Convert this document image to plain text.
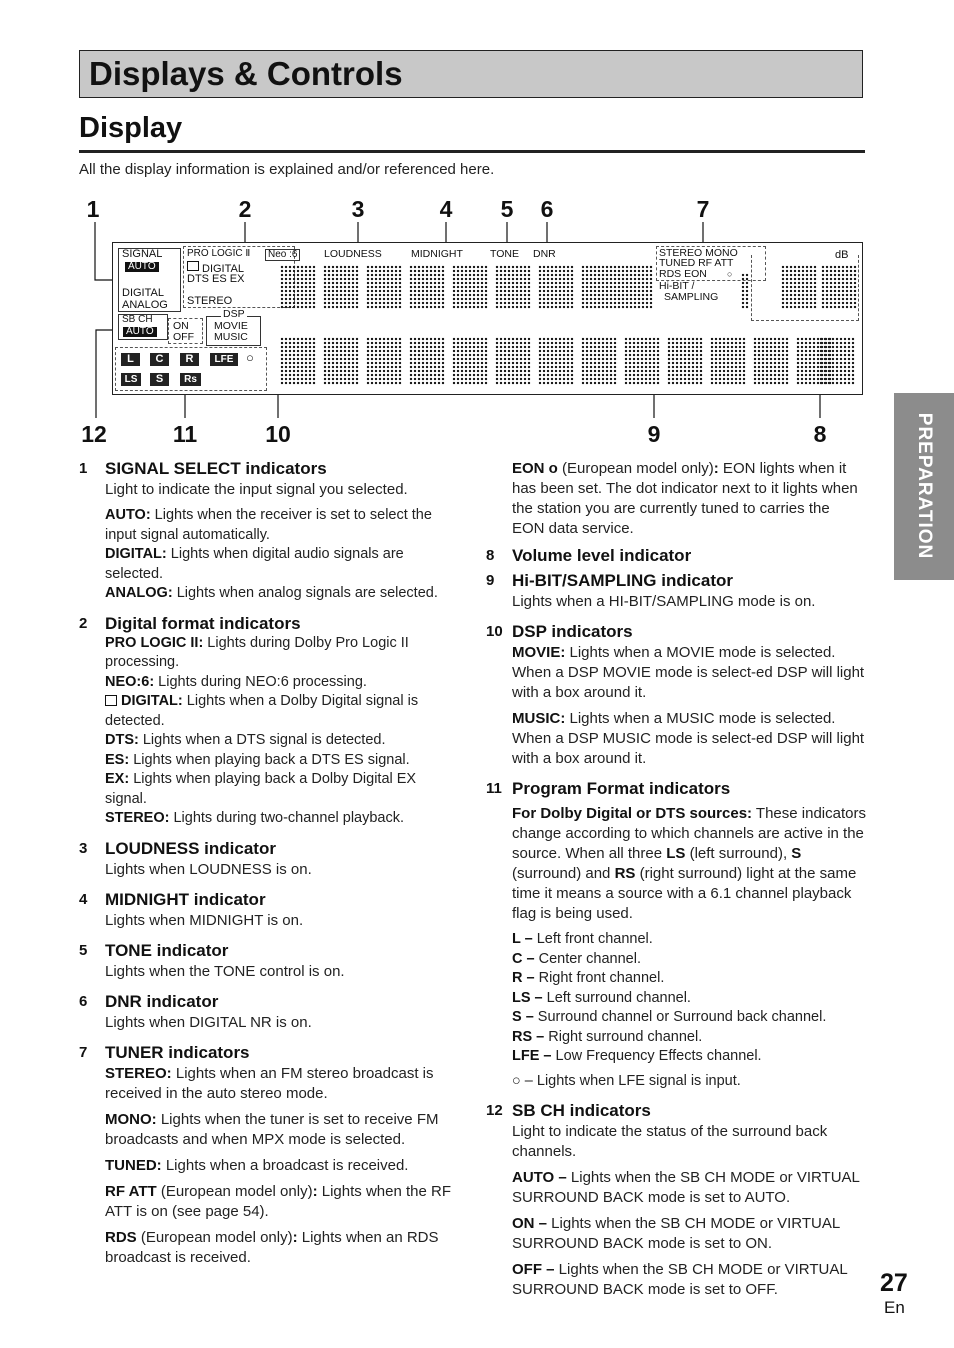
Displays & Controls
Display
All the display information is explained and/or referenced here.
1	2	3	4 5 6	7
12	11	10	9	8
SIGNAL
AUTO
DIGITAL
ANALOG
PRO LOGIC Ⅱ	Neo :6
DIGITAL
DTS ES EX
STEREO
LOUDNESS	MIDNIGHT	TONE DNR	STEREO MONO
TUNED RF ATT
RDS EON ○
Hi-BIT /
SAMPLING
dB
SB CH
AUTO ON
OFF
DSP
MOVIE
MUSIC
L	C	R	LFE ○
LS	S	Rs
PREPARATION
27
En
1	SIGNAL SELECT indicators
Light to indicate the input signal you selected.
AUTO: Lights when the receiver is set to select the input signal automatically.
DIGITAL: Lights when digital audio signals are selected.
ANALOG: Lights when analog signals are selected.
2	Digital format indicators
PRO LOGIC II: Lights during Dolby Pro Logic II processing.
NEO:6: Lights during NEO:6 processing.
DIGITAL: Lights when a Dolby Digital signal is detected.
DTS: Lights when a DTS signal is detected.
ES: Lights when playing back a DTS ES signal.
EX: Lights when playing back a Dolby Digital EX signal.
STEREO: Lights during two-channel playback.
3	LOUDNESS indicator
Lights when LOUDNESS is on.
4	MIDNIGHT indicator
Lights when MIDNIGHT is on.
5	TONE indicator
Lights when the TONE control is on.
6	DNR indicator
Lights when DIGITAL NR is on.
7	TUNER indicators
STEREO: Lights when an FM stereo broadcast is received in the auto stereo mode.
MONO: Lights when the tuner is set to receive FM broadcasts and when MPX mode is selected.
TUNED: Lights when a broadcast is received.
RF ATT (European model only): Lights when the RF ATT is on (see page 54).
RDS (European model only): Lights when an RDS broadcast is received.
EON o (European model only): EON lights when it has been set. The dot indicator next to it lights when the station you are currently tuned to carries the EON data service.
8	Volume level indicator
9	Hi-BIT/SAMPLING indicator
Lights when a HI-BIT/SAMPLING mode is on.
10 DSP indicators
MOVIE: Lights when a MOVIE mode is selected. When a DSP MOVIE mode is select-ed DSP will light with a box around it.
MUSIC: Lights when a MUSIC mode is selected. When a DSP MUSIC mode is select-ed DSP will light with a box around it.
11 Program Format indicators
For Dolby Digital or DTS sources: These indicators change according to which channels are active in the source. When all three LS (left surround), S (surround) and RS (right surround) light at the same time it means a source with a 6.1 channel playback flag is being used.
L – Left front channel.
C – Center channel.
R – Right front channel.
LS – Left surround channel.
S – Surround channel or Surround back channel.
RS – Right surround channel.
LFE – Low Frequency Effects channel.
○ – Lights when LFE signal is input.
12 SB CH indicators
Light to indicate the status of the surround back channels.
AUTO – Lights when the SB CH MODE or VIRTUAL SURROUND BACK mode is set to AUTO.
ON – Lights when the SB CH MODE or VIRTUAL SURROUND BACK mode is set to ON.
OFF – Lights when the SB CH MODE or VIRTUAL SURROUND BACK mode is set to OFF.
